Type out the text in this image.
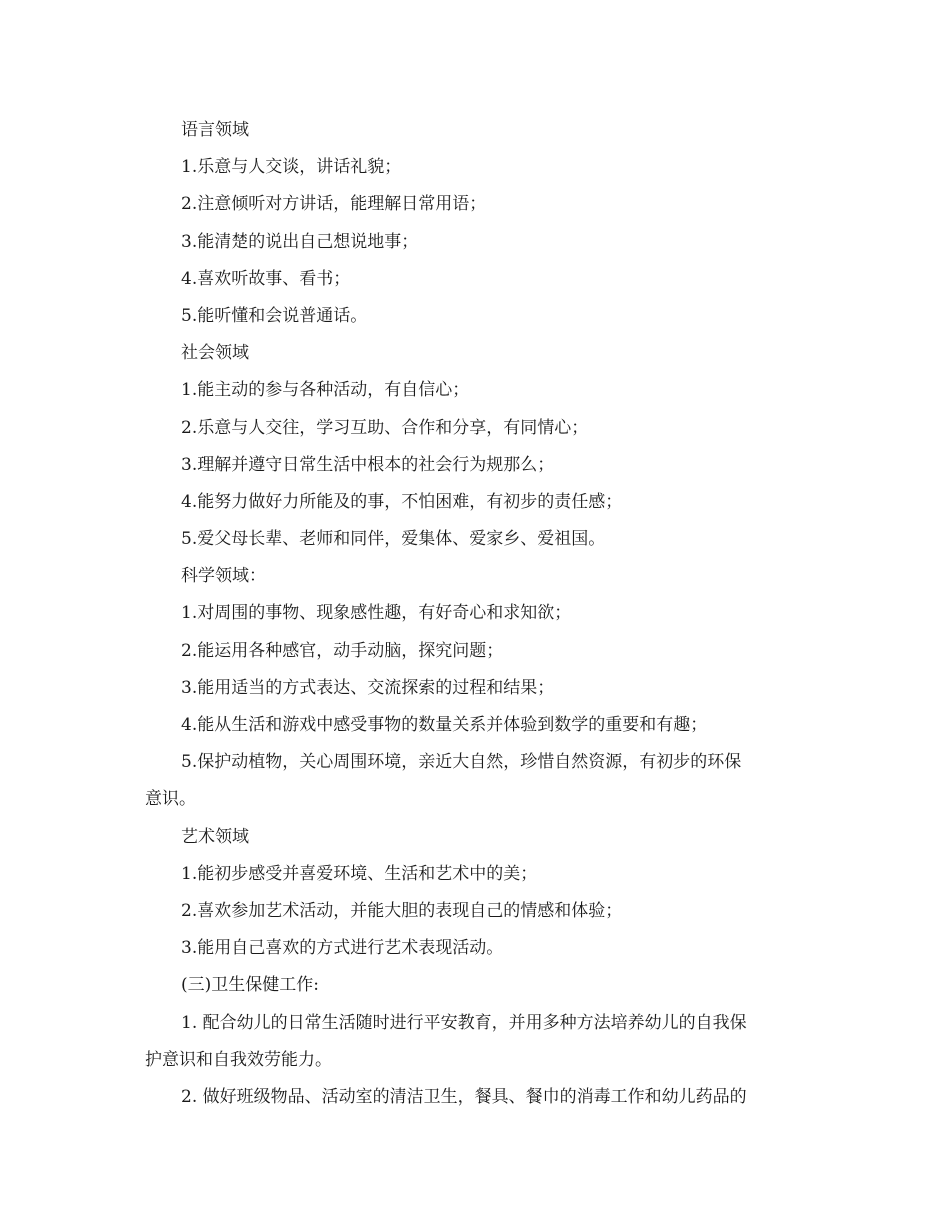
语言领域

1.乐意与人交谈，讲话礼貌；

2.注意倾听对方讲话，能理解日常用语；

3.能清楚的说出自己想说地事；

4.喜欢听故事、看书；

5.能听懂和会说普通话。

社会领域

1.能主动的参与各种活动，有自信心；

2.乐意与人交往，学习互助、合作和分享，有同情心；

3.理解并遵守日常生活中根本的社会行为规那么；

4.能努力做好力所能及的事，不怕困难，有初步的责任感；

5.爱父母长辈、老师和同伴，爱集体、爱家乡、爱祖国。

科学领域：

1.对周围的事物、现象感性趣，有好奇心和求知欲；

2.能运用各种感官，动手动脑，探究问题；

3.能用适当的方式表达、交流探索的过程和结果；

4.能从生活和游戏中感受事物的数量关系并体验到数学的重要和有趣；

5.保护动植物，关心周围环境，亲近大自然，珍惜自然资源，有初步的环保

意识。

艺术领域

1.能初步感受并喜爱环境、生活和艺术中的美；

2.喜欢参加艺术活动，并能大胆的表现自己的情感和体验；

3.能用自己喜欢的方式进行艺术表现活动。

(三)卫生保健工作:

1. 配合幼儿的日常生活随时进行平安教育，并用多种方法培养幼儿的自我保

护意识和自我效劳能力。

2. 做好班级物品、活动室的清洁卫生，餐具、餐巾的消毒工作和幼儿药品的
